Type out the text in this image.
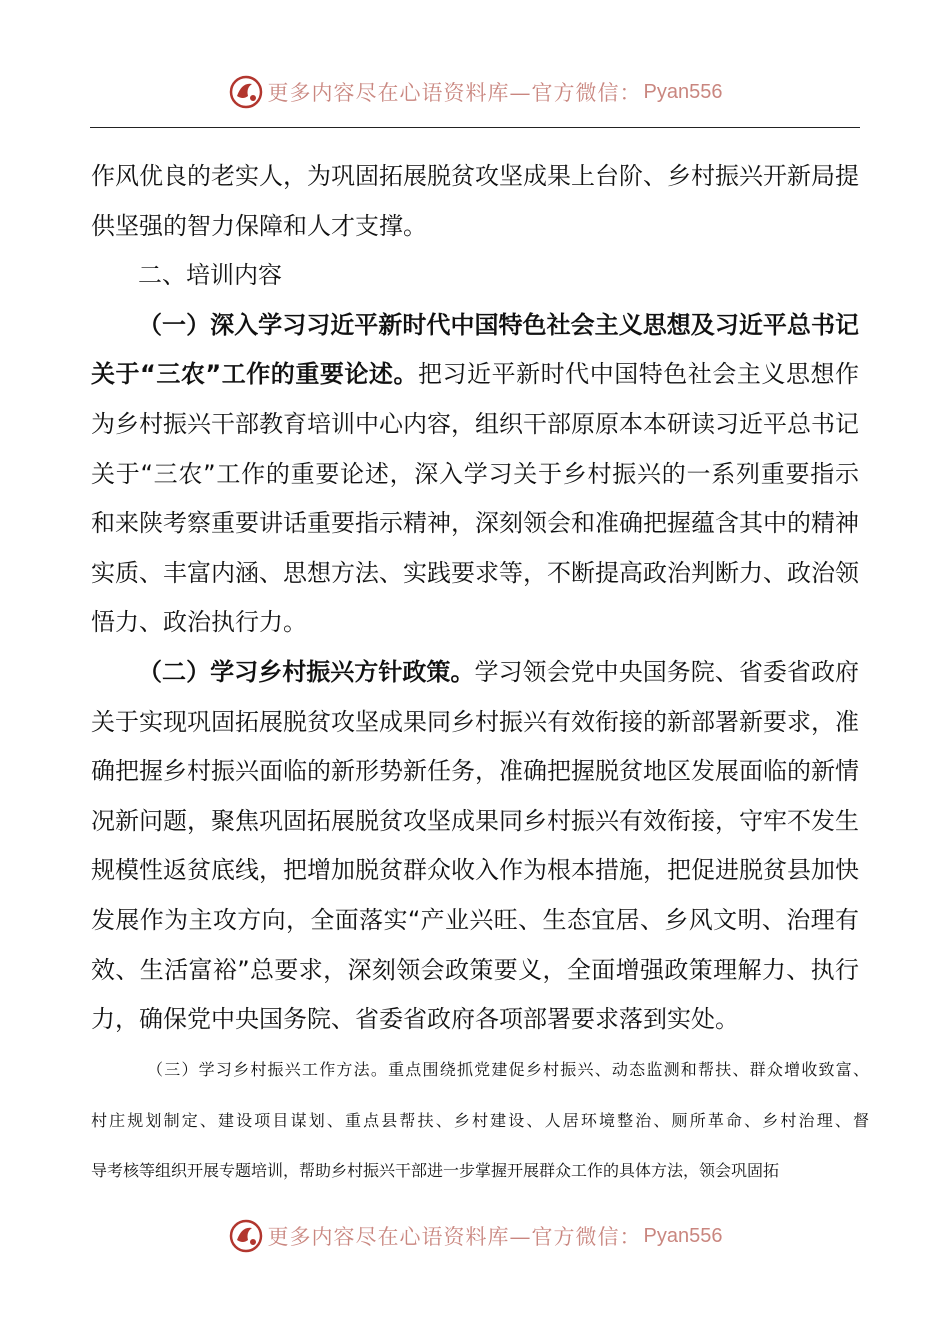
更多内容尽在心语资料库—官方微信： Pyan556
作风优良的老实人，为巩固拓展脱贫攻坚成果上台阶、乡村振兴开新局提
供坚强的智力保障和人才支撑。
二、培训内容
（一）深入学习习近平新时代中国特色社会主义思想及习近平总书记
关于“三农”工作的重要论述。把习近平新时代中国特色社会主义思想作
为乡村振兴干部教育培训中心内容，组织干部原原本本研读习近平总书记
关于“三农”工作的重要论述，深入学习关于乡村振兴的一系列重要指示
和来陕考察重要讲话重要指示精神，深刻领会和准确把握蕴含其中的精神
实质、丰富内涵、思想方法、实践要求等，不断提高政治判断力、政治领
悟力、政治执行力。
（二）学习乡村振兴方针政策。学习领会党中央国务院、省委省政府
关于实现巩固拓展脱贫攻坚成果同乡村振兴有效衔接的新部署新要求，准
确把握乡村振兴面临的新形势新任务，准确把握脱贫地区发展面临的新情
况新问题，聚焦巩固拓展脱贫攻坚成果同乡村振兴有效衔接，守牢不发生
规模性返贫底线，把增加脱贫群众收入作为根本措施，把促进脱贫县加快
发展作为主攻方向，全面落实“产业兴旺、生态宜居、乡风文明、治理有
效、生活富裕”总要求，深刻领会政策要义，全面增强政策理解力、执行
力，确保党中央国务院、省委省政府各项部署要求落到实处。
（三）学习乡村振兴工作方法。重点围绕抓党建促乡村振兴、动态监测和帮扶、群众增收致富、
村庄规划制定、建设项目谋划、重点县帮扶、乡村建设、人居环境整治、厕所革命、乡村治理、督
导考核等组织开展专题培训，帮助乡村振兴干部进一步掌握开展群众工作的具体方法，领会巩固拓
更多内容尽在心语资料库—官方微信： Pyan556
